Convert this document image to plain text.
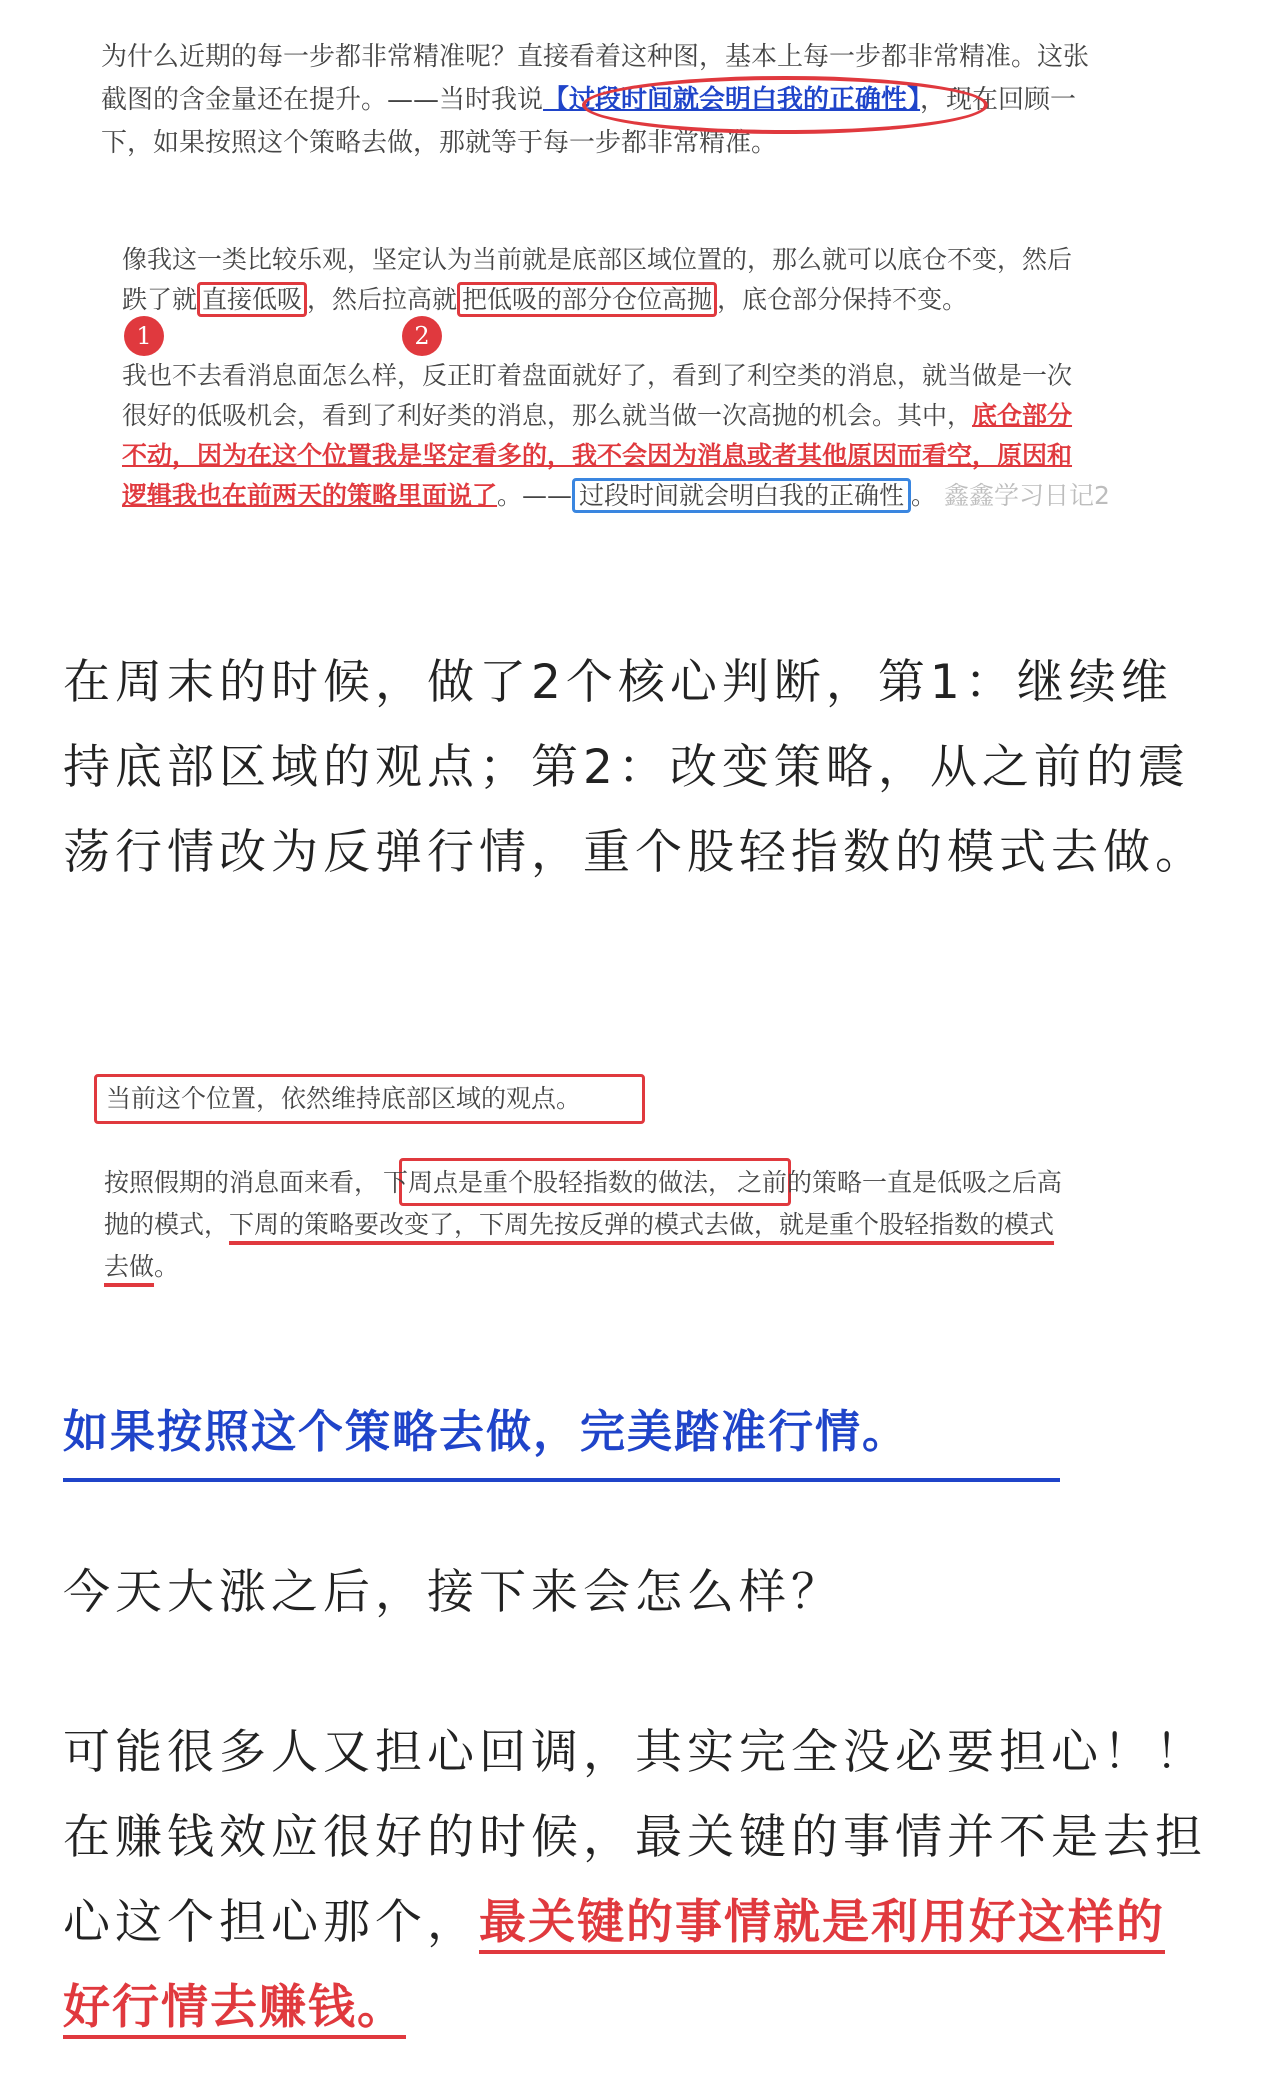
为什么近期的每一步都非常精准呢？直接看着这种图，基本上每一步都非常精准。这张

截图的含金量还在提升。——当时我说【过段时间就会明白我的正确性】，现在回顾一

下，如果按照这个策略去做，那就等于每一步都非常精准。

像我这一类比较乐观，坚定认为当前就是底部区域位置的，那么就可以底仓不变，然后

跌了就 直接低吸 ，然后拉高就 把低吸的部分仓位高抛 ，底仓部分保持不变。

我也不去看消息面怎么样，反正盯着盘面就好了，看到了利空类的消息，就当做是一次

很好的低吸机会，看到了利好类的消息，那么就当做一次高抛的机会。其中，底仓部分

不动，因为在这个位置我是坚定看多的，我不会因为消息或者其他原因而看空，原因和

逻辑我也在前两天的策略里面说了。—— 过段时间就会明白我的正确性 。 鑫鑫学习日记2

1	2

在周末的时候，做了2个核心判断，第1：继续维持底部区域的观点；第2：改变策略，从之前的震荡行情改为反弹行情，重个股轻指数的模式去做。

当前这个位置，依然维持底部区域的观点。

按照假期的消息面来看， 下周点是重个股轻指数的做法， 之前的策略一直是低吸之后高
抛的模式，下周的策略要改变了，下周先按反弹的模式去做，就是重个股轻指数的模式
去做。
如果按照这个策略去做，完美踏准行情。

今天大涨之后，接下来会怎么样？

可能很多人又担心回调，其实完全没必要担心！！在赚钱效应很好的时候，最关键的事情并不是去担心这个担心那个，最关键的事情就是利用好这样的好行情去赚钱。
